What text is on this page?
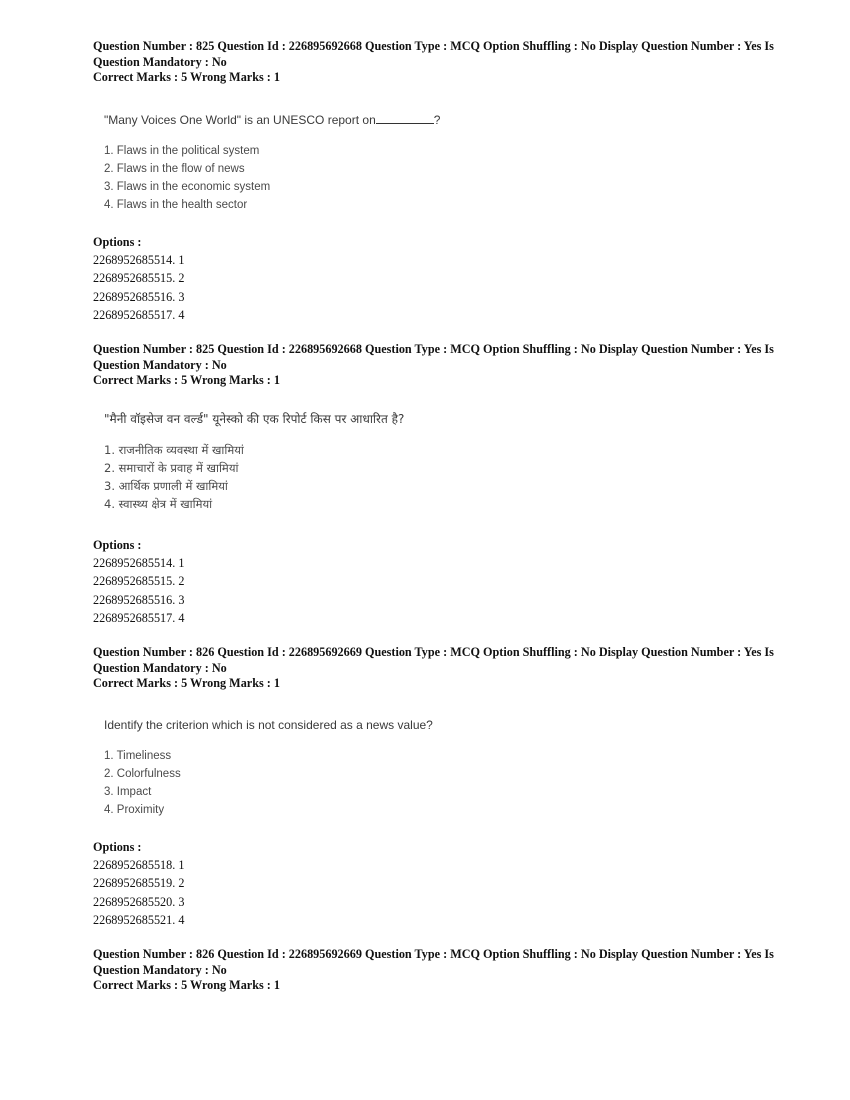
Question Number : 825 Question Id : 226895692668 Question Type : MCQ Option Shuffling : No Display Question Number : Yes Is
Question Mandatory : No
Correct Marks : 5 Wrong Marks : 1
"Many Voices One World" is an UNESCO report on	?
1. Flaws in the political system
2. Flaws in the flow of news
3. Flaws in the economic system
4. Flaws in the health sector
Options :
2268952685514. 1
2268952685515. 2
2268952685516. 3
2268952685517. 4
Question Number : 825 Question Id : 226895692668 Question Type : MCQ Option Shuffling : No Display Question Number : Yes Is
Question Mandatory : No
Correct Marks : 5 Wrong Marks : 1
"मैनी वॉइसेज वन वर्ल्ड" यूनेस्को की एक रिपोर्ट किस पर आधारित है?
1. राजनीतिक व्यवस्था में खामियां
2. समाचारों के प्रवाह में खामियां
3. आर्थिक प्रणाली में खामियां
4. स्वास्थ्य क्षेत्र में खामियां
Options :
2268952685514. 1
2268952685515. 2
2268952685516. 3
2268952685517. 4
Question Number : 826 Question Id : 226895692669 Question Type : MCQ Option Shuffling : No Display Question Number : Yes Is
Question Mandatory : No
Correct Marks : 5 Wrong Marks : 1
Identify the criterion which is not considered as a news value?
1. Timeliness
2. Colorfulness
3. Impact
4. Proximity
Options :
2268952685518. 1
2268952685519. 2
2268952685520. 3
2268952685521. 4
Question Number : 826 Question Id : 226895692669 Question Type : MCQ Option Shuffling : No Display Question Number : Yes Is
Question Mandatory : No
Correct Marks : 5 Wrong Marks : 1
